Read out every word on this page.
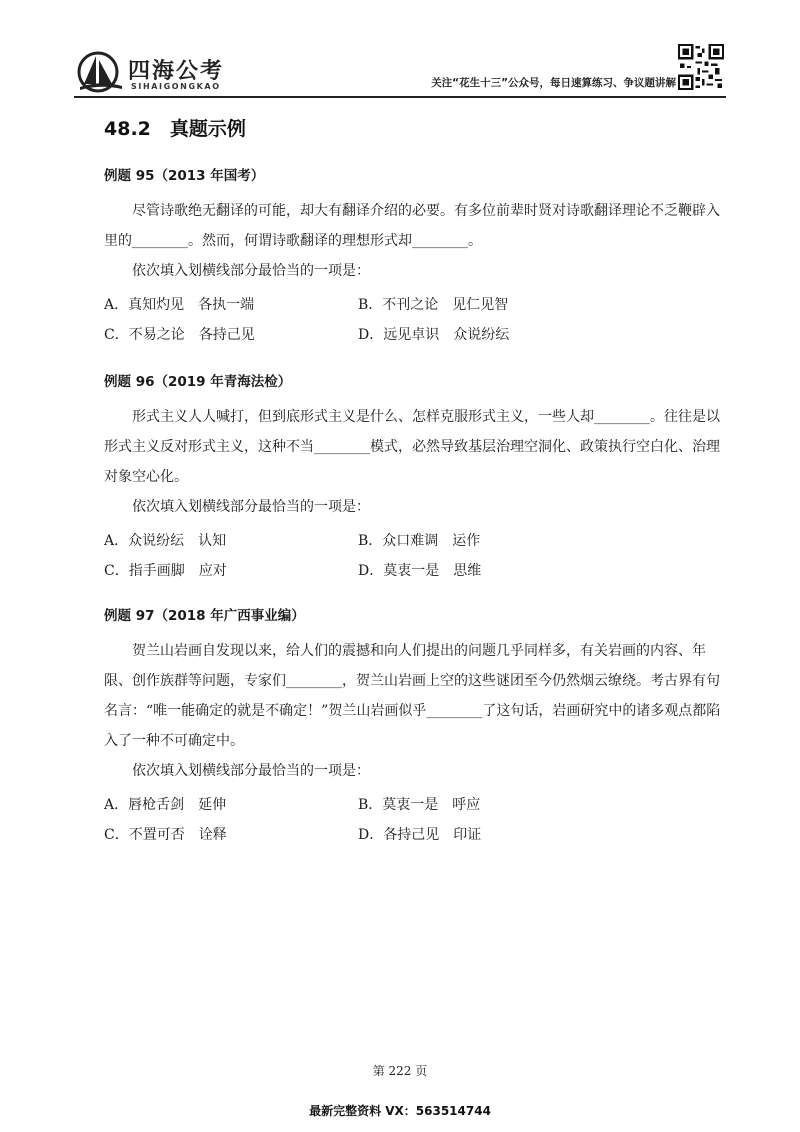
四海公考
SIHAIGONGKAO	关注“花生十三”公众号，每日速算练习、争议题讲解
48.2　真题示例
例题 95（2013 年国考）

　　尽管诗歌绝无翻译的可能，却大有翻译介绍的必要。有多位前辈时贤对诗歌翻译理论不乏鞭辟入里的________。然而，何谓诗歌翻译的理想形式却________。

　　依次填入划横线部分最恰当的一项是：

A．真知灼见　各执一端	B．不刊之论　见仁见智
C．不易之论　各持己见	D．远见卓识　众说纷纭
例题 96（2019 年青海法检）

　　形式主义人人喊打，但到底形式主义是什么、怎样克服形式主义，一些人却________。往往是以形式主义反对形式主义，这种不当________模式，必然导致基层治理空洞化、政策执行空白化、治理对象空心化。

　　依次填入划横线部分最恰当的一项是：

A．众说纷纭　认知	B．众口难调　运作
C．指手画脚　应对	D．莫衷一是　思维
例题 97（2018 年广西事业编）

　　贺兰山岩画自发现以来，给人们的震撼和向人们提出的问题几乎同样多，有关岩画的内容、年限、创作族群等问题，专家们________，贺兰山岩画上空的这些谜团至今仍然烟云缭绕。考古界有句名言：“唯一能确定的就是不确定！”贺兰山岩画似乎________了这句话，岩画研究中的诸多观点都陷入了一种不可确定中。

　　依次填入划横线部分最恰当的一项是：

A．唇枪舌剑　延伸	B．莫衷一是　呼应
C．不置可否　诠释	D．各持己见　印证
第 222 页
最新完整资料 VX：563514744
